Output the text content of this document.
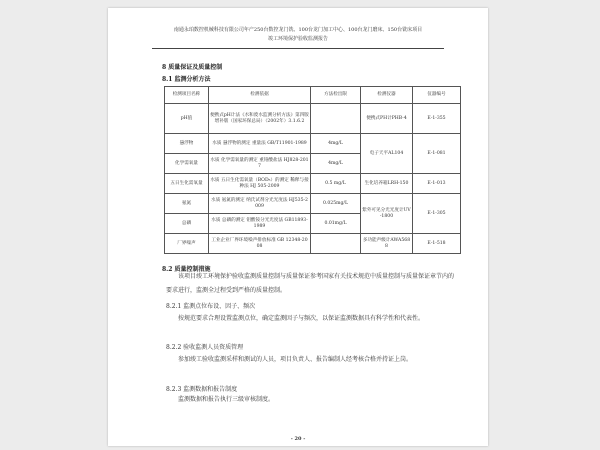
南通永珀数控机械科技有限公司年产250台数控龙门铣、100台龙门加工中心、100台龙门磨床、150台铣床项目
竣工环境保护验收监测报告
8 质量保证及质量控制
8.1 监测分析方法
检测项目名称	检测依据	方法检出限	检测仪器	仪器编号
pH值	便携式pH计法《水和废水监测分析方法》第四版增补版（国家环保总局）（2002年）3.1.6.2		便携式PH计PHB-4	E-1-355
悬浮物	水质 悬浮物的测定 重量法 GB/T11901-1989	4mg/L	电子天平AL104	E-1-081
化学需氧量	水质 化学需氧量的测定 重铬酸盐法 HJ828-2017	4mg/L		
五日生化需氧量	水质 五日生化需氧量（BOD₅）的测定 稀释与接种法 HJ 505-2009	0.5 mg/L	生化培养箱LRH-150	E-1-013
氨氮	水质 氨氮的测定 纳氏试剂分光光度法 HJ535-2009	0.025mg/L	紫外可见分光光度计UV-1800	E-1-305
总磷	水质 总磷的测定 钼酸铵分光光度法 GB11893-1989	0.01mg/L		
厂界噪声	工业企业厂界环境噪声排放标准 GB 12348-2008		多功能声级计AWA5688	E-1-518
8.2 质量控制措施
该项目竣工环境保护验收监测质量控制与质量保证参考国家有关技术规范中质量控制与质量保证章节内的要求进行，监测全过程受到严格的质量控制。
8.2.1 监测点位布设、因子、频次
按规范要求合理设置监测点位，确定监测因子与频次，以保证监测数据具有科学性和代表性。
8.2.2 验收监测人员资质管理
参加竣工验收监测采样和测试的人员，项目负责人、报告编制人经考核合格并持证上岗。
8.2.3 监测数据和报告制度
监测数据和报告执行三级审核制度。
- 20 -
